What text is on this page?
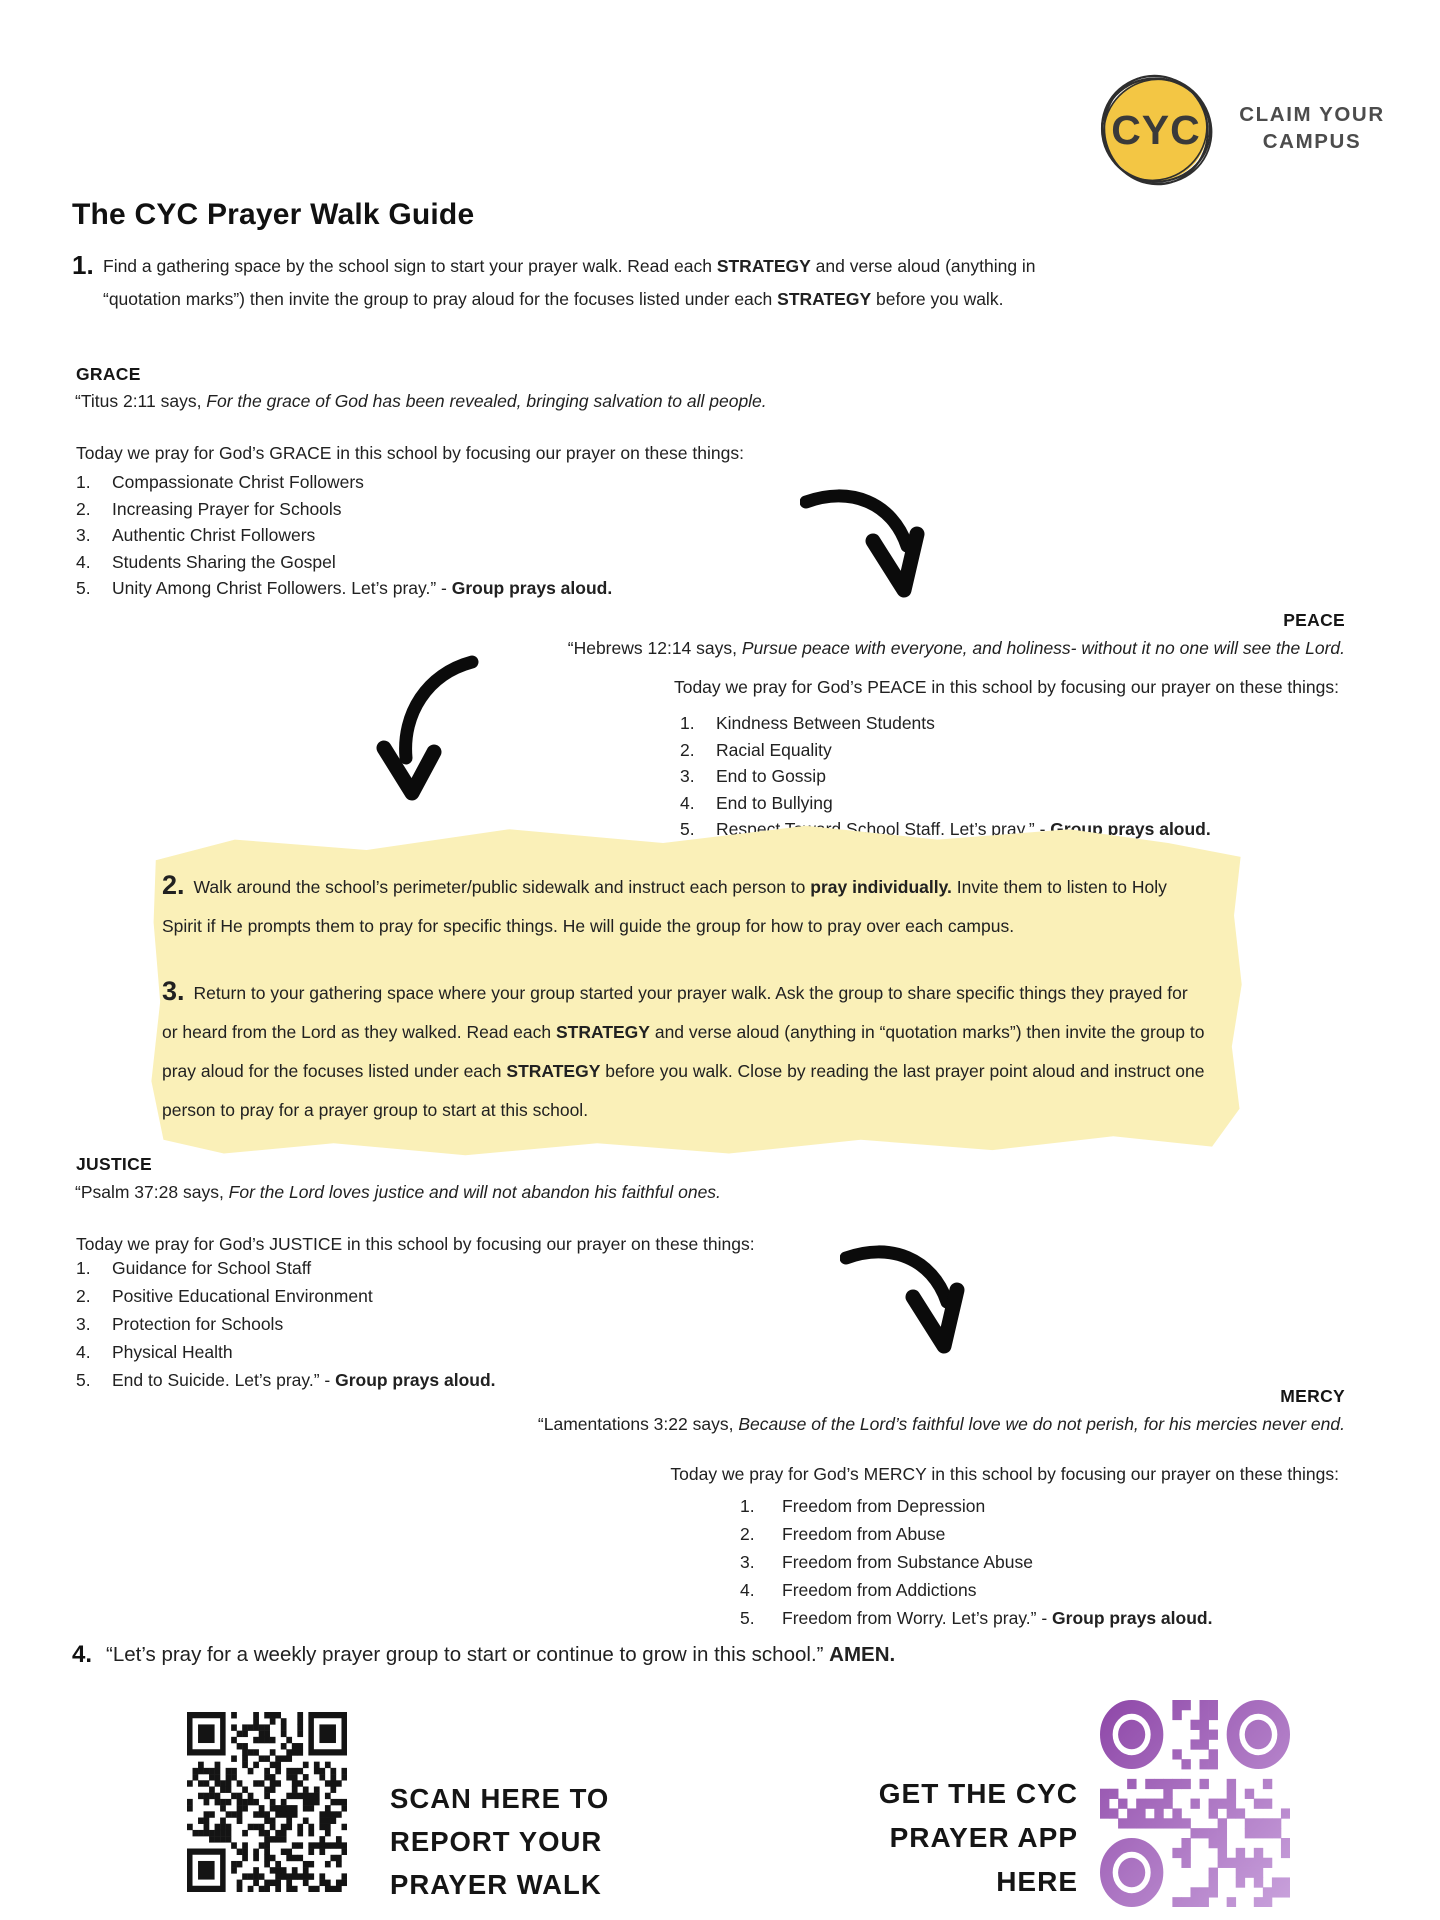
CYC	CLAIM YOUR
CAMPUS
The CYC Prayer Walk Guide
1. Find a gathering space by the school sign to start your prayer walk. Read each STRATEGY and verse aloud (anything in “quotation marks”) then invite the group to pray aloud for the focuses listed under each STRATEGY before you walk.
GRACE
“Titus 2:11 says, For the grace of God has been revealed, bringing salvation to all people.
Today we pray for God’s GRACE in this school by focusing our prayer on these things:
1.	Compassionate Christ Followers
2.	Increasing Prayer for Schools
3.	Authentic Christ Followers
4.	Students Sharing the Gospel
5.	Unity Among Christ Followers. Let’s pray.” - Group prays aloud.
PEACE
“Hebrews 12:14 says, Pursue peace with everyone, and holiness- without it no one will see the Lord.
Today we pray for God’s PEACE in this school by focusing our prayer on these things:
1.	Kindness Between Students
2.	Racial Equality
3.	End to Gossip
4.	End to Bullying
5.	Respect Toward School Staff. Let’s pray.” - Group prays aloud.
2. Walk around the school’s perimeter/public sidewalk and instruct each person to pray individually. Invite them to listen to Holy Spirit if He prompts them to pray for specific things. He will guide the group for how to pray over each campus.
3. Return to your gathering space where your group started your prayer walk. Ask the group to share specific things they prayed for or heard from the Lord as they walked. Read each STRATEGY and verse aloud (anything in “quotation marks”) then invite the group to pray aloud for the focuses listed under each STRATEGY before you walk. Close by reading the last prayer point aloud and instruct one person to pray for a prayer group to start at this school.
JUSTICE
“Psalm 37:28 says, For the Lord loves justice and will not abandon his faithful ones.
Today we pray for God’s JUSTICE in this school by focusing our prayer on these things:
1.	Guidance for School Staff
2.	Positive Educational Environment
3.	Protection for Schools
4.	Physical Health
5.	End to Suicide. Let’s pray.” - Group prays aloud.
MERCY
“Lamentations 3:22 says, Because of the Lord’s faithful love we do not perish, for his mercies never end.
Today we pray for God’s MERCY in this school by focusing our prayer on these things:
1.	Freedom from Depression
2.	Freedom from Abuse
3.	Freedom from Substance Abuse
4.	Freedom from Addictions
5.	Freedom from Worry. Let’s pray.” - Group prays aloud.
4. “Let’s pray for a weekly prayer group to start or continue to grow in this school.” AMEN.
SCAN HERE TO
REPORT YOUR
PRAYER WALK
GET THE CYC
PRAYER APP
HERE
